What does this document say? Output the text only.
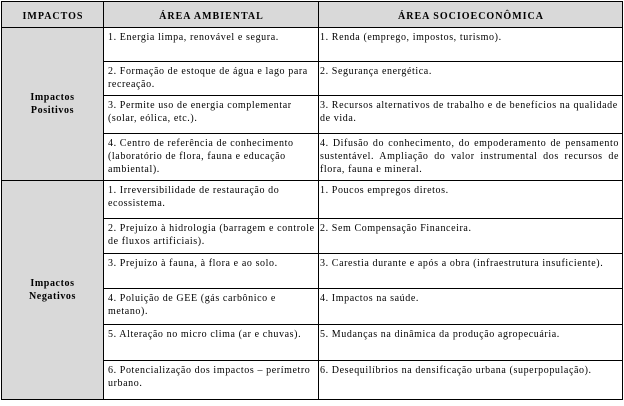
IMPACTOS	ÁREA AMBIENTAL	ÁREA SOCIOECONÔMICA

Impactos
Positivos	1. Energia limpa, renovável e segura.	1. Renda (emprego, impostos, turismo).
	2. Formação de estoque de água e lago para recreação.	2. Segurança energética.
	3. Permite uso de energia complementar (solar, eólica, etc.).	3. Recursos alternativos de trabalho e de benefícios na qualidade de vida.
	4. Centro de referência de conhecimento (laboratório de flora, fauna e educação ambiental).	4. Difusão do conhecimento, do empoderamento de pensamento sustentável. Ampliação do valor instrumental dos recursos de flora, fauna e mineral.

Impactos
Negativos	1. Irreversibilidade de restauração do ecossistema.	1. Poucos empregos diretos.
	2. Prejuízo à hidrologia (barragem e controle de fluxos artificiais).	2. Sem Compensação Financeira.
	3. Prejuízo à fauna, à flora e ao solo.	3. Carestia durante e após a obra (infraestrutura insuficiente).
	4. Poluição de GEE (gás carbônico e metano).	4. Impactos na saúde.
	5. Alteração no micro clima (ar e chuvas).	5. Mudanças na dinâmica da produção agropecuária.
	6. Potencialização dos impactos – perímetro urbano.	6. Desequilíbrios na densificação urbana (superpopulação).
